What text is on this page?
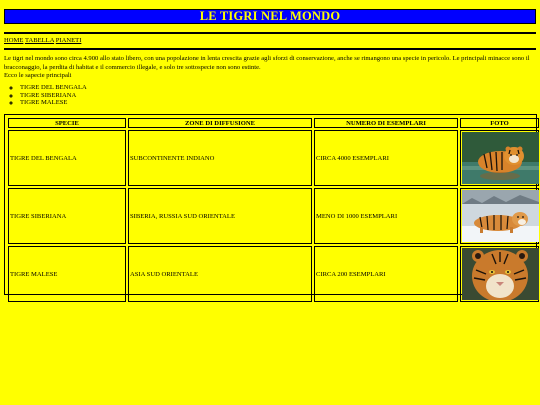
LE TIGRI NEL MONDO
HOME TABELLA PIANETI

Le tigri nel mondo sono circa 4.900 allo stato libero, con una popolazione in lenta crescita grazie agli sforzi di conservazione, anche se rimangono una specie in pericolo. Le principali minacce sono il bracconaggio, la perdita di habitat e il commercio illegale, e solo tre sottospecie non sono estinte.

Ecco le sapecie principali

◦ TIGRE DEL BENGALA
◦ TIGRE SIBERIANA
◦ TIGRE MALESE
SPECIE	ZONE DI DIFFUSIONE	NUMERO DI ESEMPLARI	FOTO
TIGRE DEL BENGALA	SUBCONTINENTE INDIANO	CIRCA 4000 ESEMPLARI	

TIGRE SIBERIANA	SIBERIA, RUSSIA SUD ORIENTALE	MENO DI 1000 ESEMPLARI	

TIGRE MALESE	ASIA SUD ORIENTALE	CIRCA 200 ESEMPLARI	
